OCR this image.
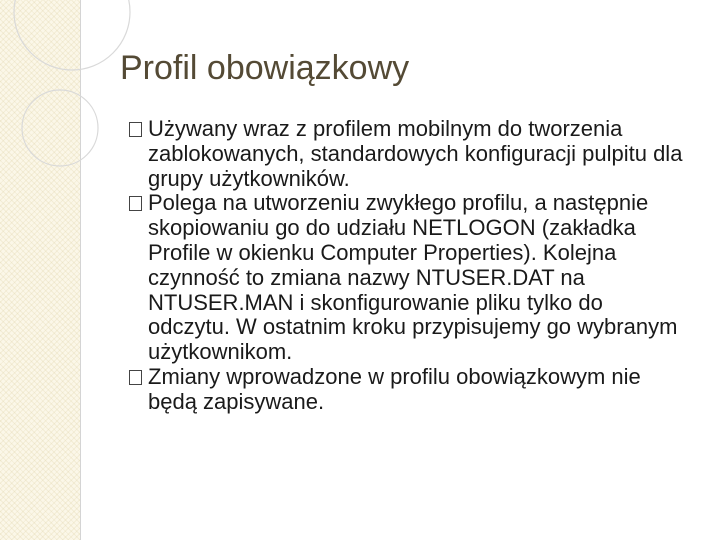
Profil obowiązkowy
Używany wraz z profilem mobilnym do tworzenia zablokowanych, standardowych konfiguracji pulpitu dla grupy użytkowników.
Polega na utworzeniu zwykłego profilu, a następnie skopiowaniu go do udziału NETLOGON (zakładka Profile w okienku Computer Properties). Kolejna czynność to zmiana nazwy NTUSER.DAT na NTUSER.MAN i skonfigurowanie pliku tylko do odczytu. W ostatnim kroku przypisujemy go wybranym użytkownikom.
Zmiany wprowadzone w profilu obowiązkowym nie będą zapisywane.
